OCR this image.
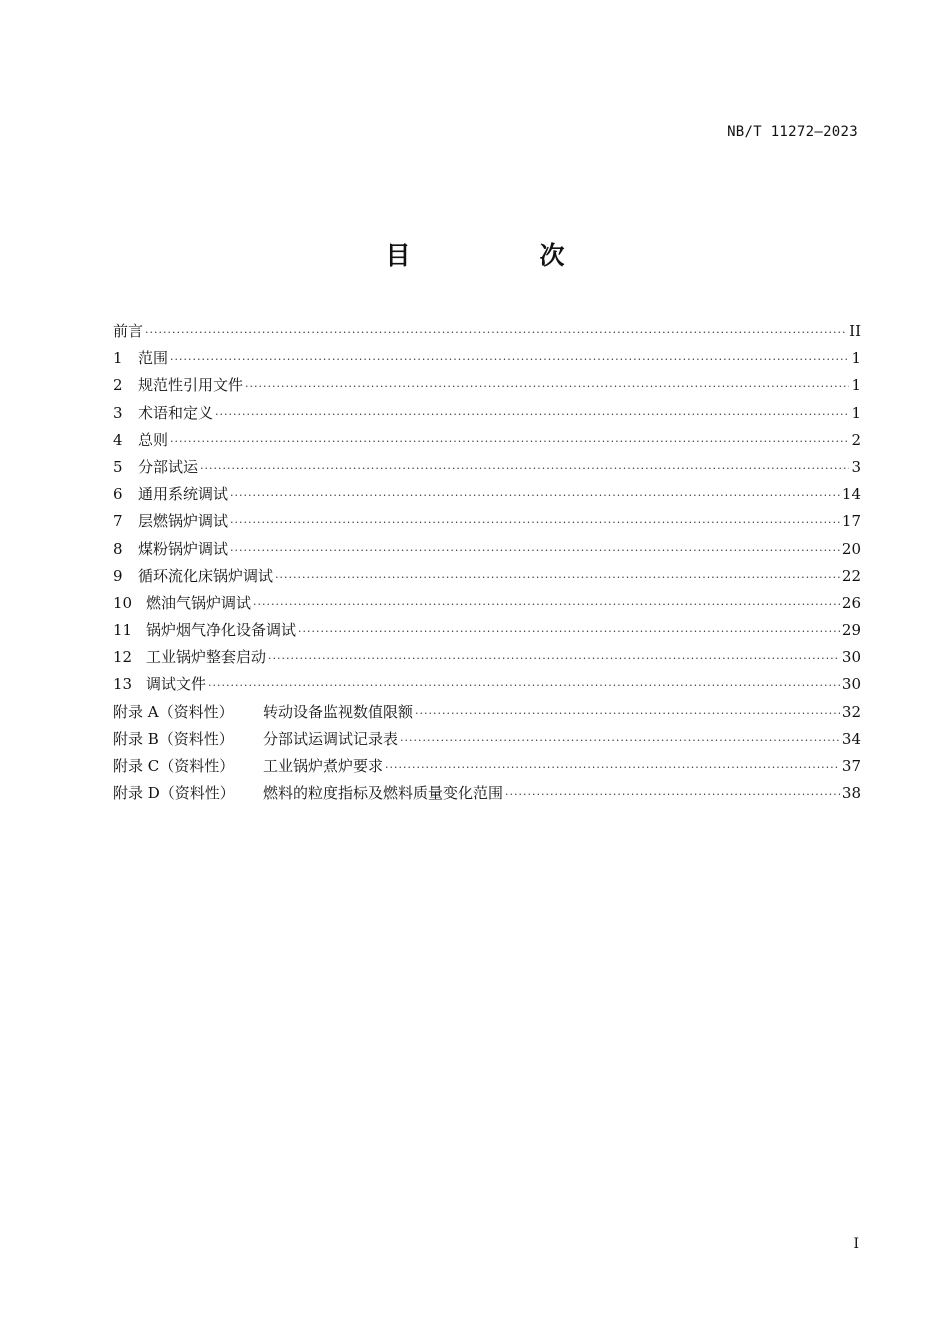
NB/T 11272—2023
目　次
前言 ·····	II
1	范围 ·····	1
2	规范性引用文件 ·····	1
3	术语和定义 ·····	1
4	总则 ·····	2
5	分部试运 ·····	3
6	通用系统调试 ·····	14
7	层燃锅炉调试 ·····	17
8	煤粉锅炉调试 ·····	20
9	循环流化床锅炉调试 ·····	22
10 燃油气锅炉调试 ·····	26
11 锅炉烟气净化设备调试 ·····	29
12 工业锅炉整套启动 ·····	30
13 调试文件 ·····	30
附录 A（资料性）	转动设备监视数值限额 ·····	32
附录 B（资料性）	分部试运调试记录表 ·····	34
附录 C（资料性）	工业锅炉煮炉要求 ·····	37
附录 D（资料性）	燃料的粒度指标及燃料质量变化范围 ·····	38
I
